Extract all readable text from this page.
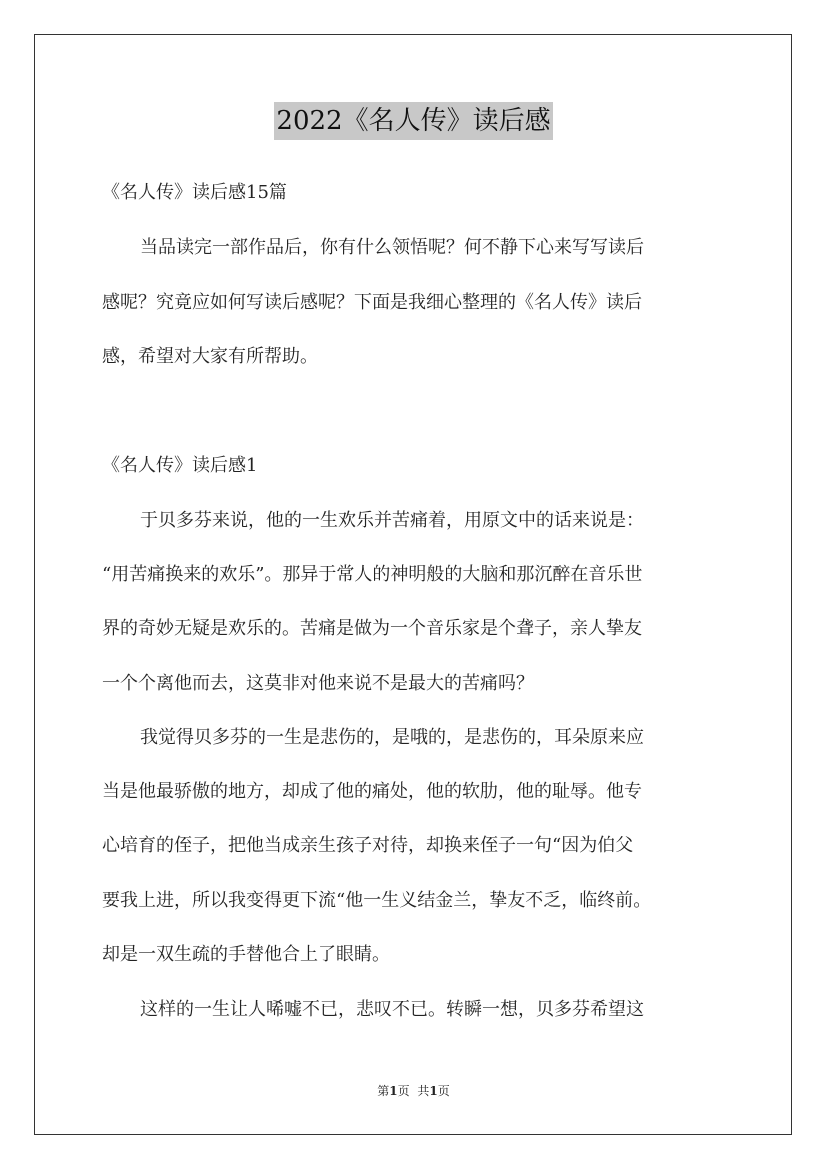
2022《名人传》读后感
《名人传》读后感15篇
当品读完一部作品后，你有什么领悟呢？何不静下心来写写读后
感呢？究竟应如何写读后感呢？下面是我细心整理的《名人传》读后
感，希望对大家有所帮助。
《名人传》读后感1
于贝多芬来说，他的一生欢乐并苦痛着，用原文中的话来说是：
“用苦痛换来的欢乐”。那异于常人的神明般的大脑和那沉醉在音乐世
界的奇妙无疑是欢乐的。苦痛是做为一个音乐家是个聋子，亲人挚友
一个个离他而去，这莫非对他来说不是最大的苦痛吗？
我觉得贝多芬的一生是悲伤的，是哦的，是悲伤的，耳朵原来应
当是他最骄傲的地方，却成了他的痛处，他的软肋，他的耻辱。他专
心培育的侄子，把他当成亲生孩子对待，却换来侄子一句“因为伯父
要我上进，所以我变得更下流“他一生义结金兰，挚友不乏，临终前。
却是一双生疏的手替他合上了眼睛。
这样的一生让人唏嘘不已，悲叹不已。转瞬一想，贝多芬希望这
第1页 共1页
